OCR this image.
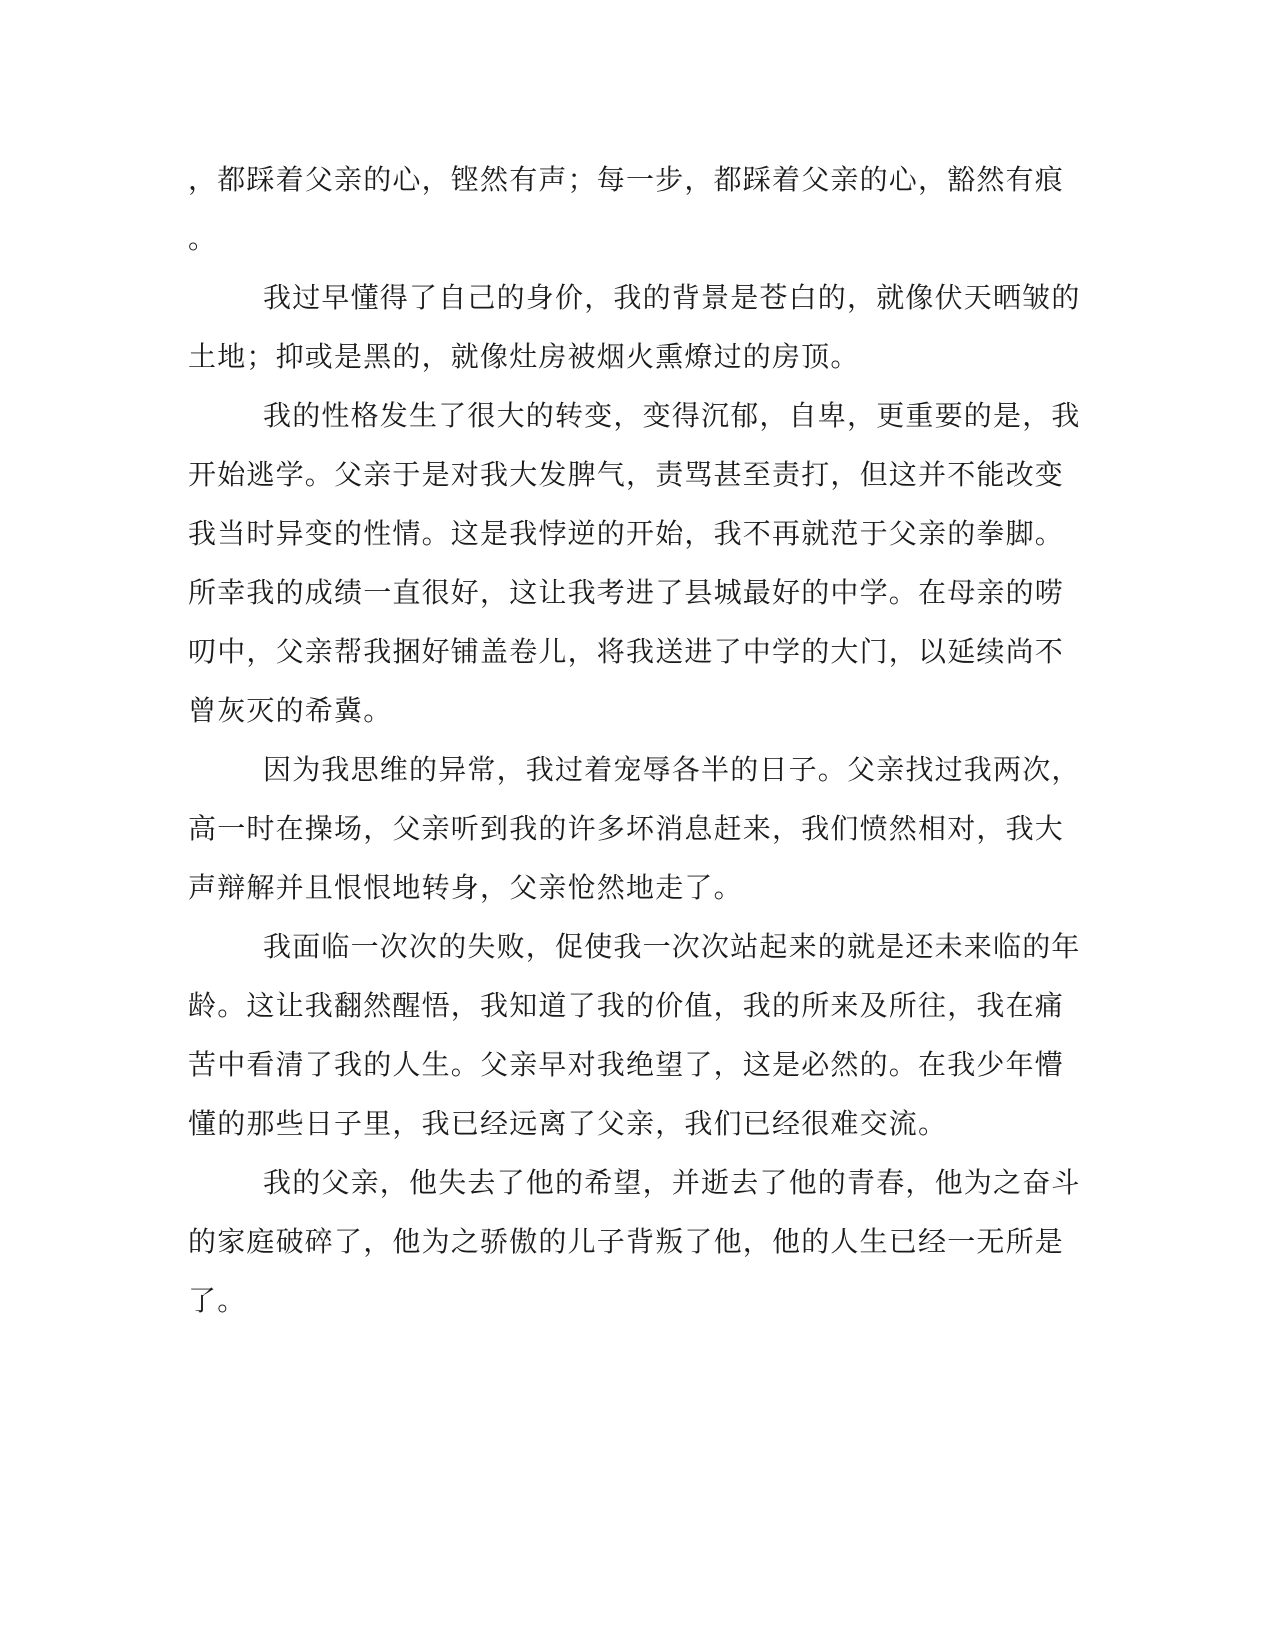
，都踩着父亲的心，铿然有声；每一步，都踩着父亲的心，豁然有痕
。
我过早懂得了自己的身价，我的背景是苍白的，就像伏天晒皱的
土地；抑或是黑的，就像灶房被烟火熏燎过的房顶。
我的性格发生了很大的转变，变得沉郁，自卑，更重要的是，我
开始逃学。父亲于是对我大发脾气，责骂甚至责打，但这并不能改变
我当时异变的性情。这是我悖逆的开始，我不再就范于父亲的拳脚。
所幸我的成绩一直很好，这让我考进了县城最好的中学。在母亲的唠
叨中，父亲帮我捆好铺盖卷儿，将我送进了中学的大门，以延续尚不
曾灰灭的希冀。
因为我思维的异常，我过着宠辱各半的日子。父亲找过我两次，
高一时在操场，父亲听到我的许多坏消息赶来，我们愤然相对，我大
声辩解并且恨恨地转身，父亲怆然地走了。
我面临一次次的失败，促使我一次次站起来的就是还未来临的年
龄。这让我翻然醒悟，我知道了我的价值，我的所来及所往，我在痛
苦中看清了我的人生。父亲早对我绝望了，这是必然的。在我少年懵
懂的那些日子里，我已经远离了父亲，我们已经很难交流。
我的父亲，他失去了他的希望，并逝去了他的青春，他为之奋斗
的家庭破碎了，他为之骄傲的儿子背叛了他，他的人生已经一无所是
了。
